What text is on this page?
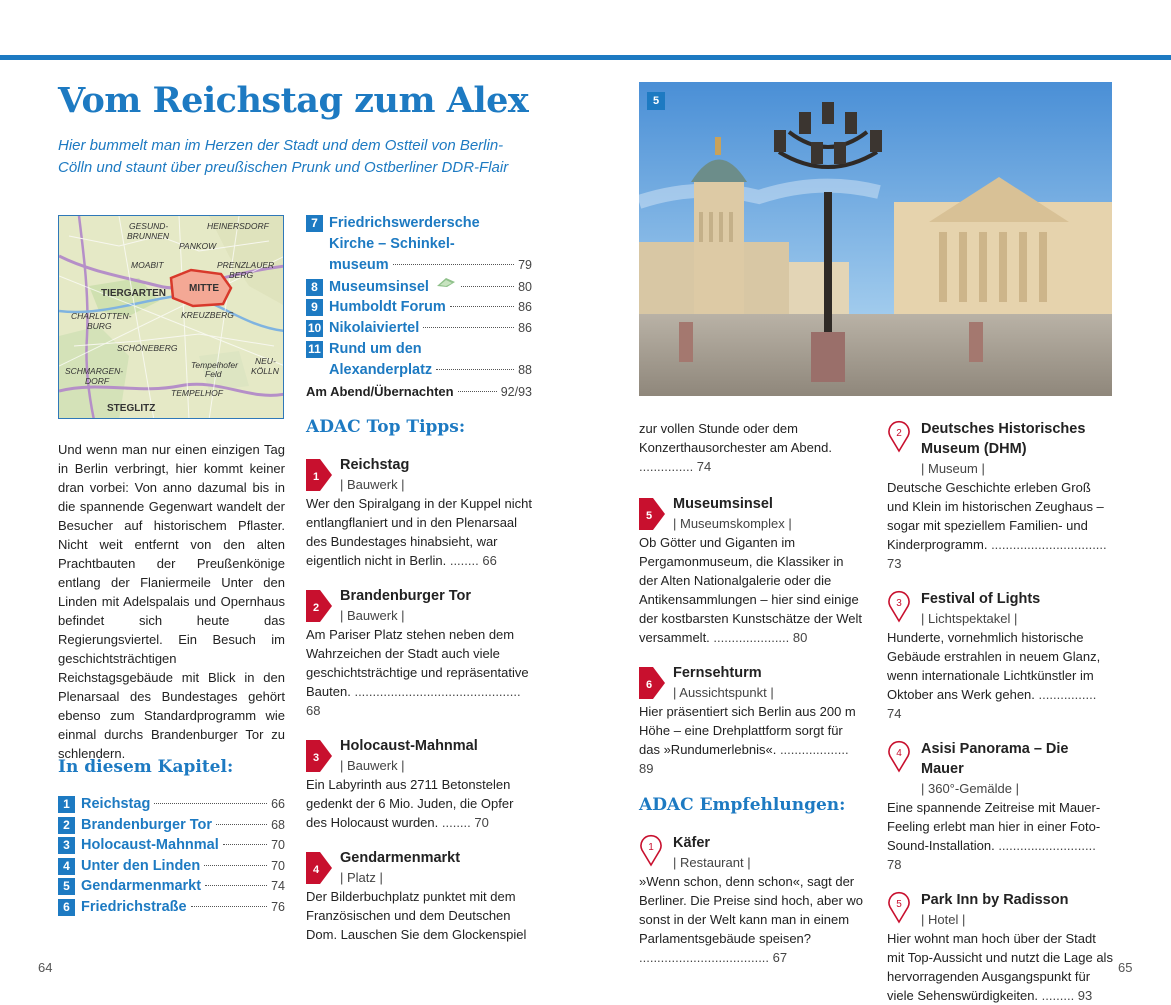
Vom Reichstag zum Alex
Hier bummelt man im Herzen der Stadt und dem Ostteil von Berlin-Cölln und staunt über preußischen Prunk und Ostberliner DDR-Flair
GESUND-
BRUNNEN
HEINERSDORF
PANKOW
PRENZLAUER
BERG
MOABIT
TIERGARTEN MITTE
CHARLOTTEN-
BURG
KREUZBERG
SCHÖNEBERG
Tempelhofer
Feld
NEU-
KÖLLN
SCHMARGEN-
DORF
TEMPELHOF
STEGLITZ
Und wenn man nur einen einzigen Tag in Berlin verbringt, hier kommt keiner dran vorbei: Von anno dazumal bis in die spannende Gegenwart wandelt der Besucher auf historischem Pflaster. Nicht weit entfernt von den alten Prachtbauten der Preußenkönige entlang der Flaniermeile Unter den Linden mit Adelspalais und Opernhaus befindet sich heute das Regierungsviertel. Ein Besuch im geschichtsträchtigen Reichstagsgebäude mit Blick in den Plenarsaal des Bundestages gehört ebenso zum Standardprogramm wie einmal durchs Brandenburger Tor zu schlendern.
In diesem Kapitel:
1 Reichstag	66
2 Brandenburger Tor	68
3 Holocaust-Mahnmal	70
4 Unter den Linden	70
5 Gendarmenmarkt	74
6 Friedrichstraße	76
7 Friedrichswerdersche
Kirche – Schinkel-
museum	79
8 Museumsinsel	80
9 Humboldt Forum	86
10 Nikolaiviertel	86
11 Rund um den
Alexanderplatz	88
Am Abend/Übernachten	92/93
ADAC Top Tipps:
1
Reichstag
| Bauwerk |
Wer den Spiralgang in der Kuppel nicht entlangflaniert und in den Plenarsaal des Bundestages hinabsieht, war eigentlich nicht in Berlin. ........ 66
2
Brandenburger Tor
| Bauwerk |
Am Pariser Platz stehen neben dem Wahrzeichen der Stadt auch viele geschichtsträchtige und repräsentative Bauten. .............................................. 68
3
Holocaust-Mahnmal
| Bauwerk |
Ein Labyrinth aus 2711 Betonstelen gedenkt der 6 Mio. Juden, die Opfer des Holocaust wurden. ........ 70
4
Gendarmenmarkt
| Platz |
Der Bilderbuchplatz punktet mit dem Französischen und dem Deutschen Dom. Lauschen Sie dem Glockenspiel
5
zur vollen Stunde oder dem Konzerthausorchester am Abend. ............... 74
5
Museumsinsel
| Museumskomplex |
Ob Götter und Giganten im Pergamonmuseum, die Klassiker in der Alten Nationalgalerie oder die Antikensammlungen – hier sind einige der kostbarsten Kunstschätze der Welt versammelt. ..................... 80
6
Fernsehturm
| Aussichtspunkt |
Hier präsentiert sich Berlin aus 200 m Höhe – eine Drehplattform sorgt für das »Rundumerlebnis«. ................... 89
ADAC Empfehlungen:
1 Käfer
| Restaurant |
»Wenn schon, denn schon«, sagt der Berliner. Die Preise sind hoch, aber wo sonst in der Welt kann man in einem Parlamentsgebäude speisen? .................................... 67
2 Deutsches Historisches
Museum (DHM)
| Museum |
Deutsche Geschichte erleben Groß und Klein im historischen Zeughaus – sogar mit speziellem Familien- und Kinderprogramm. ................................ 73
3 Festival of Lights
| Lichtspektakel |
Hunderte, vornehmlich historische Gebäude erstrahlen in neuem Glanz, wenn internationale Lichtkünstler im Oktober ans Werk gehen. ................ 74
4 Asisi Panorama – Die Mauer
| 360°-Gemälde |
Eine spannende Zeitreise mit Mauer-Feeling erlebt man hier in einer Foto-Sound-Installation. ........................... 78
5 Park Inn by Radisson
| Hotel |
Hier wohnt man hoch über der Stadt mit Top-Aussicht und nutzt die Lage als hervorragenden Ausgangspunkt für viele Sehenswürdigkeiten. ......... 93
64	65
